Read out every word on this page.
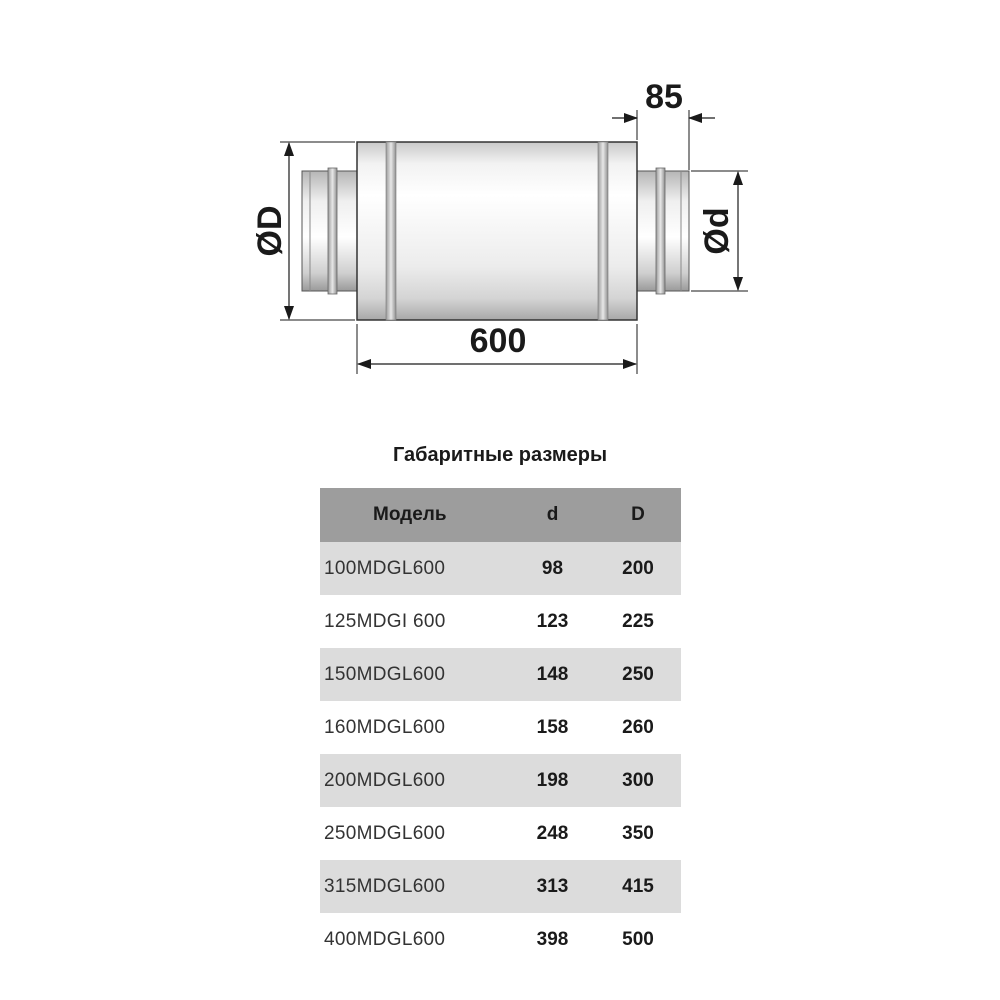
600
85
ØD	Ød
Габаритные размеры
Модель	d	D
100MDGL600	98	200
125MDGI 600	123	225
150MDGL600	148	250
160MDGL600	158	260
200MDGL600	198	300
250MDGL600	248	350
315MDGL600	313	415
400MDGL600	398	500
